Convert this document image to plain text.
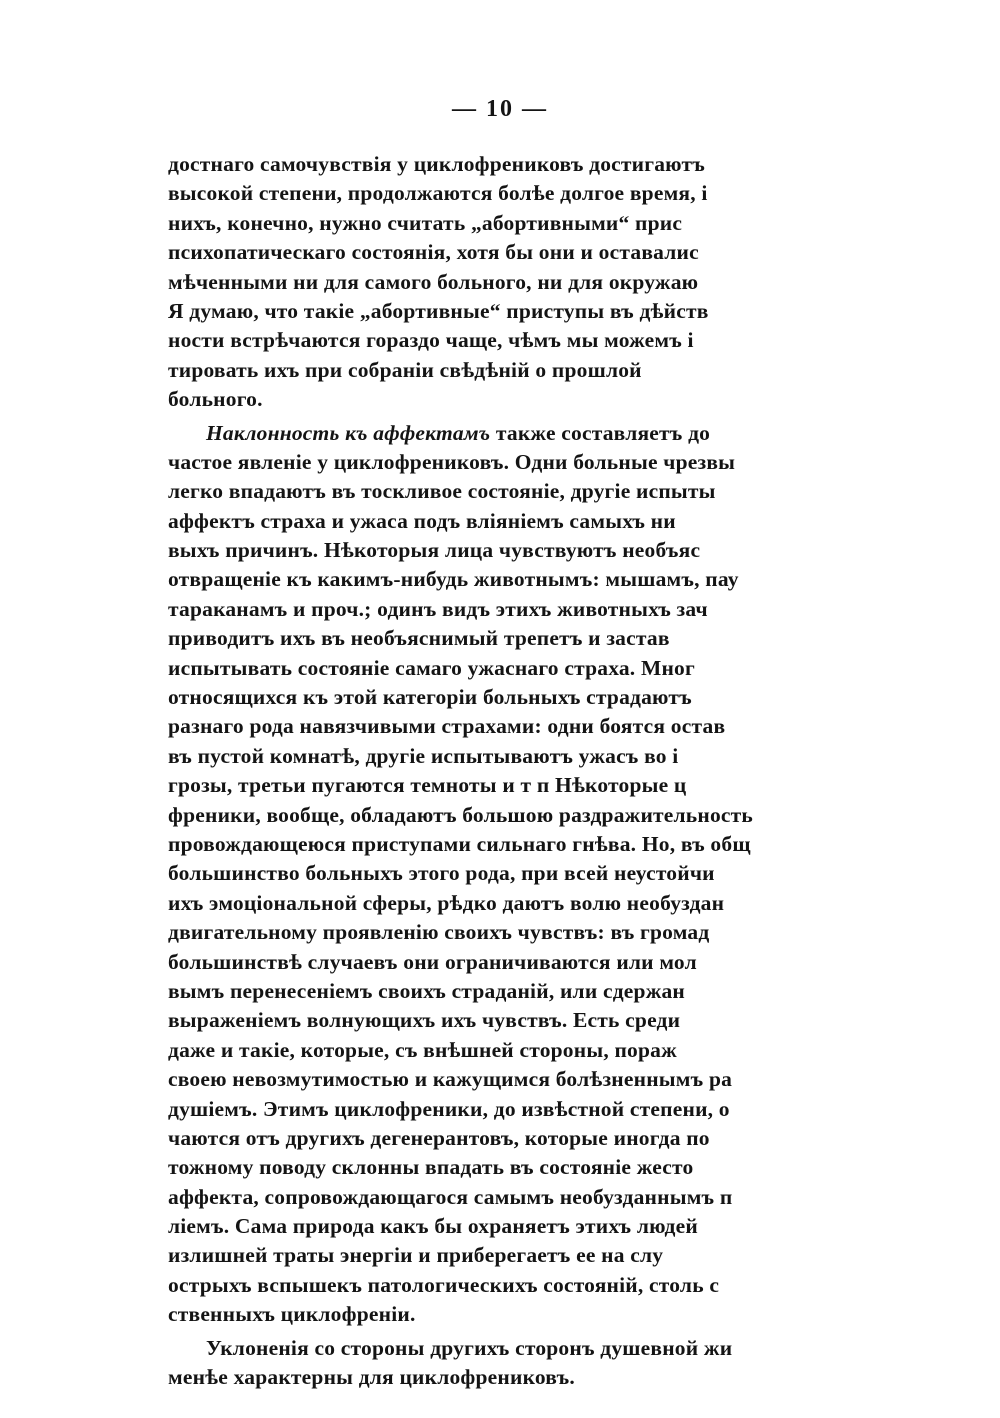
— 10 —
достнаго самочувствія у циклофрениковъ достигаютъ
высокой степени, продолжаются болѣе долгое время, і
нихъ, конечно, нужно считать „абортивными“ прис
психопатическаго состоянія, хотя бы они и оставалис
мѣченными ни для самого больного, ни для окружаю
Я думаю, что такіе „абортивные“ приступы въ дѣйств
ности встрѣчаются гораздо чаще, чѣмъ мы можемъ і
тировать ихъ при собраніи свѣдѣній о прошлой
больного.
Наклонность къ аффектамъ также составляетъ до
частое явленіе у циклофрениковъ. Одни больные чрезвы
легко впадаютъ въ тоскливое состояніе, другіе испыты
аффектъ страха и ужаса подъ вліяніемъ самыхъ ни
выхъ причинъ. Нѣкоторыя лица чувствуютъ необъяс
отвращеніе къ какимъ-нибудь животнымъ: мышамъ, пау
тараканамъ и проч.; одинъ видъ этихъ животныхъ зач
приводитъ ихъ въ необъяснимый трепетъ и застав
испытывать состояніе самаго ужаснаго страха. Мног
относящихся къ этой категоріи больныхъ страдаютъ
разнаго рода навязчивыми страхами: одни боятся остав
въ пустой комнатѣ, другіе испытываютъ ужасъ во і
грозы, третьи пугаются темноты и т п Нѣкоторые ц
френики, вообще, обладаютъ большою раздражительность
провождающеюся приступами сильнаго гнѣва. Но, въ общ
большинство больныхъ этого рода, при всей неустойчи
ихъ эмоціональной сферы, рѣдко даютъ волю необуздан
двигательному проявленію своихъ чувствъ: въ громад
большинствѣ случаевъ они ограничиваются или мол
вымъ перенесеніемъ своихъ страданій, или сдержан
выраженіемъ волнующихъ ихъ чувствъ. Есть среди
даже и такіе, которые, съ внѣшней стороны, пораж
своею невозмутимостью и кажущимся болѣзненнымъ ра
душіемъ. Этимъ циклофреники, до извѣстной степени, о
чаются отъ другихъ дегенерантовъ, которые иногда по
тожному поводу склонны впадать въ состояніе жесто
аффекта, сопровождающагося самымъ необузданнымъ п
ліемъ. Сама природа какъ бы охраняетъ этихъ людей
излишней траты энергіи и прибeрегаетъ ее на слу
острыхъ вспышекъ патологическихъ состояній, столь с
ственныхъ циклофреніи.
Уклоненія со стороны другихъ сторонъ душевной жи
менѣе характерны для циклофрениковъ.
